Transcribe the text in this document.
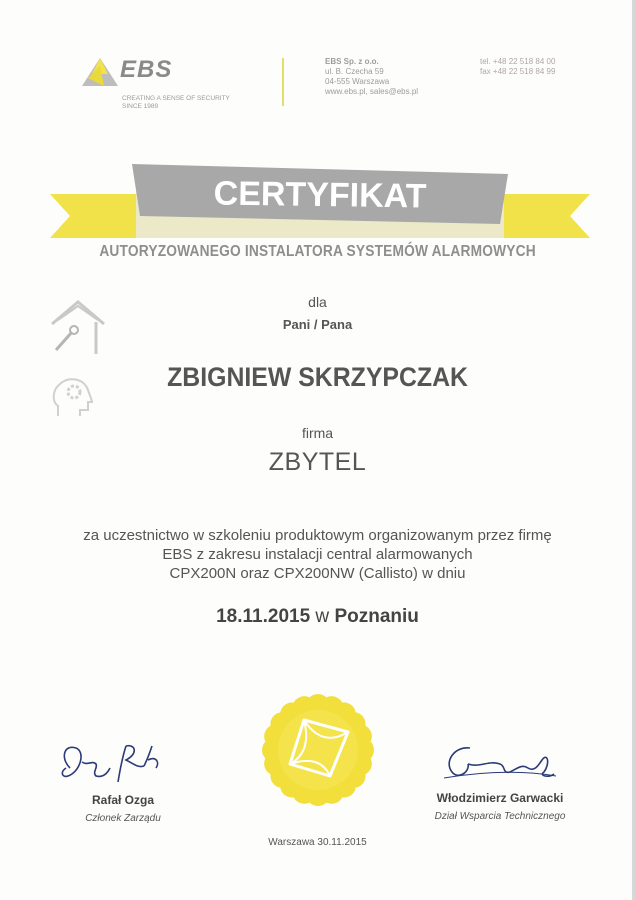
EBS
CREATING A SENSE OF SECURITY
SINCE 1989
EBS Sp. z o.o.
ul. B. Czecha 59
04-555 Warszawa
www.ebs.pl, sales@ebs.pl
tel. +48 22 518 84 00
fax +48 22 518 84 99
CERTYFIKAT
AUTORYZOWANEGO INSTALATORA SYSTEMÓW ALARMOWYCH
dla
Pani / Pana
ZBIGNIEW SKRZYPCZAK
firma
ZBYTEL
za uczestnictwo w szkoleniu produktowym organizowanym przez firmę
EBS z zakresu instalacji central alarmowanych
CPX200N oraz CPX200NW (Callisto) w dniu
18.11.2015 w Poznaniu
Rafał Ozga
Członek Zarządu
Włodzimierz Garwacki
Dział Wsparcia Technicznego
Warszawa 30.11.2015
